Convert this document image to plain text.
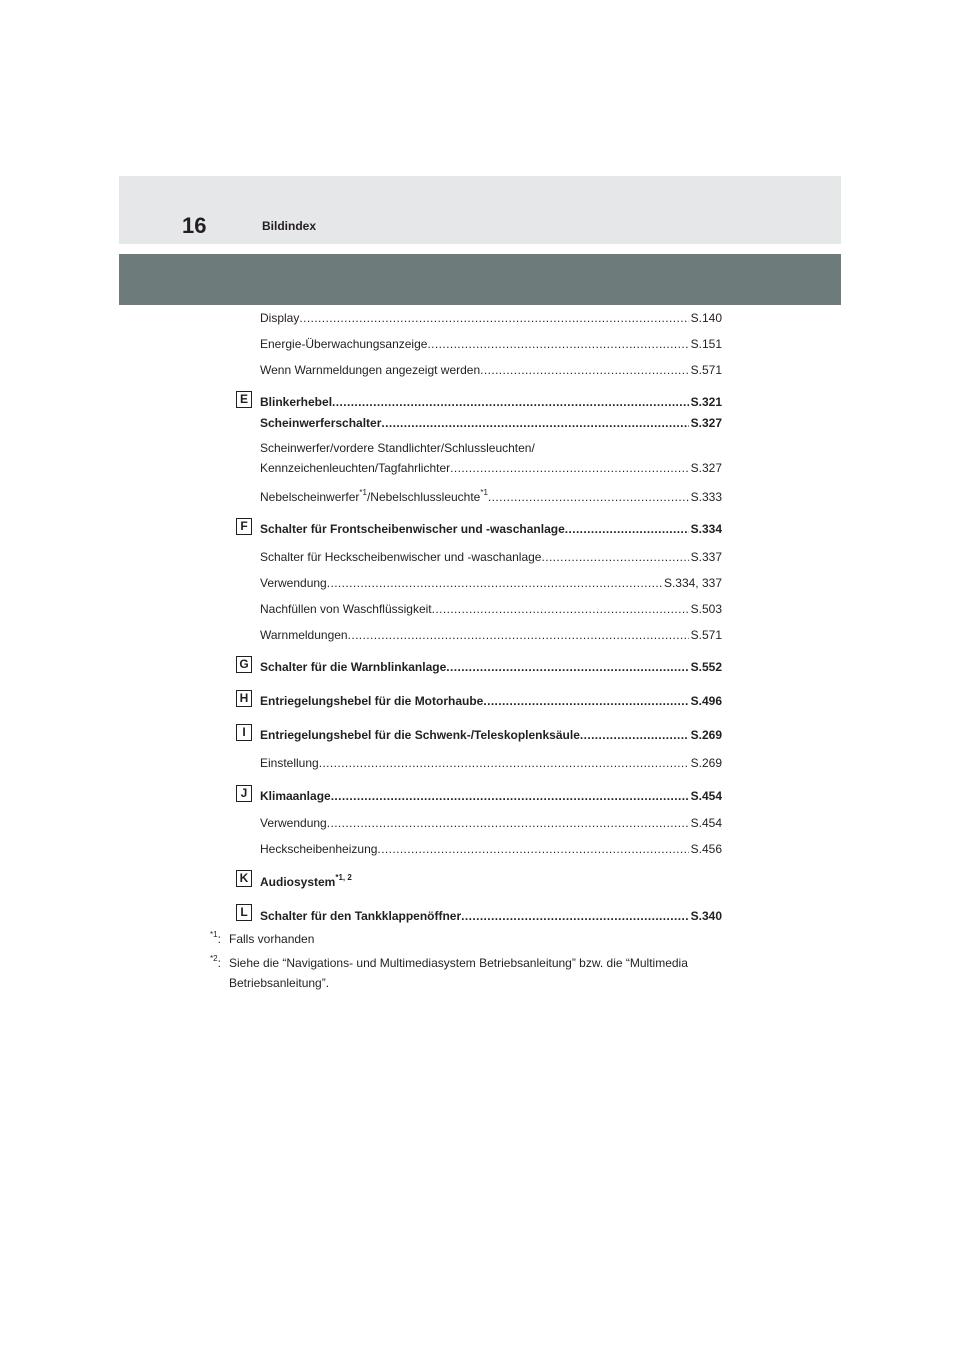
16	Bildindex
Display .....	S.140
Energie-Überwachungsanzeige .....	S.151
Wenn Warnmeldungen angezeigt werden .....	S.571
E	Blinkerhebel .....	S.321
Scheinwerferschalter .....	S.327
Scheinwerfer/vordere Standlichter/Schlussleuchten/
Kennzeichenleuchten/Tagfahrlichter .....	S.327
Nebelscheinwerfer$^{*1}$/Nebelschlussleuchte$^{*1}$ .....	S.333
F	Schalter für Frontscheibenwischer und -waschanlage .....	S.334
Schalter für Heckscheibenwischer und -waschanlage .....	S.337
Verwendung .....	S.334, 337
Nachfüllen von Waschflüssigkeit .....	S.503
Warnmeldungen .....	S.571
G Schalter für die Warnblinkanlage .....	S.552
H Entriegelungshebel für die Motorhaube .....	S.496
I	Entriegelungshebel für die Schwenk-/Teleskoplenksäule .....	S.269
Einstellung .....	S.269
J	Klimaanlage .....	S.454
Verwendung .....	S.454
Heckscheibenheizung .....	S.456
K Audiosystem$^{*1, 2}$
L	Schalter für den Tankklappenöffner .....	S.340
$^{*1}$: Falls vorhanden
$^{*2}$: Siehe die “Navigations- und Multimediasystem Betriebsanleitung” bzw. die “Multimedia Betriebsanleitung”.
